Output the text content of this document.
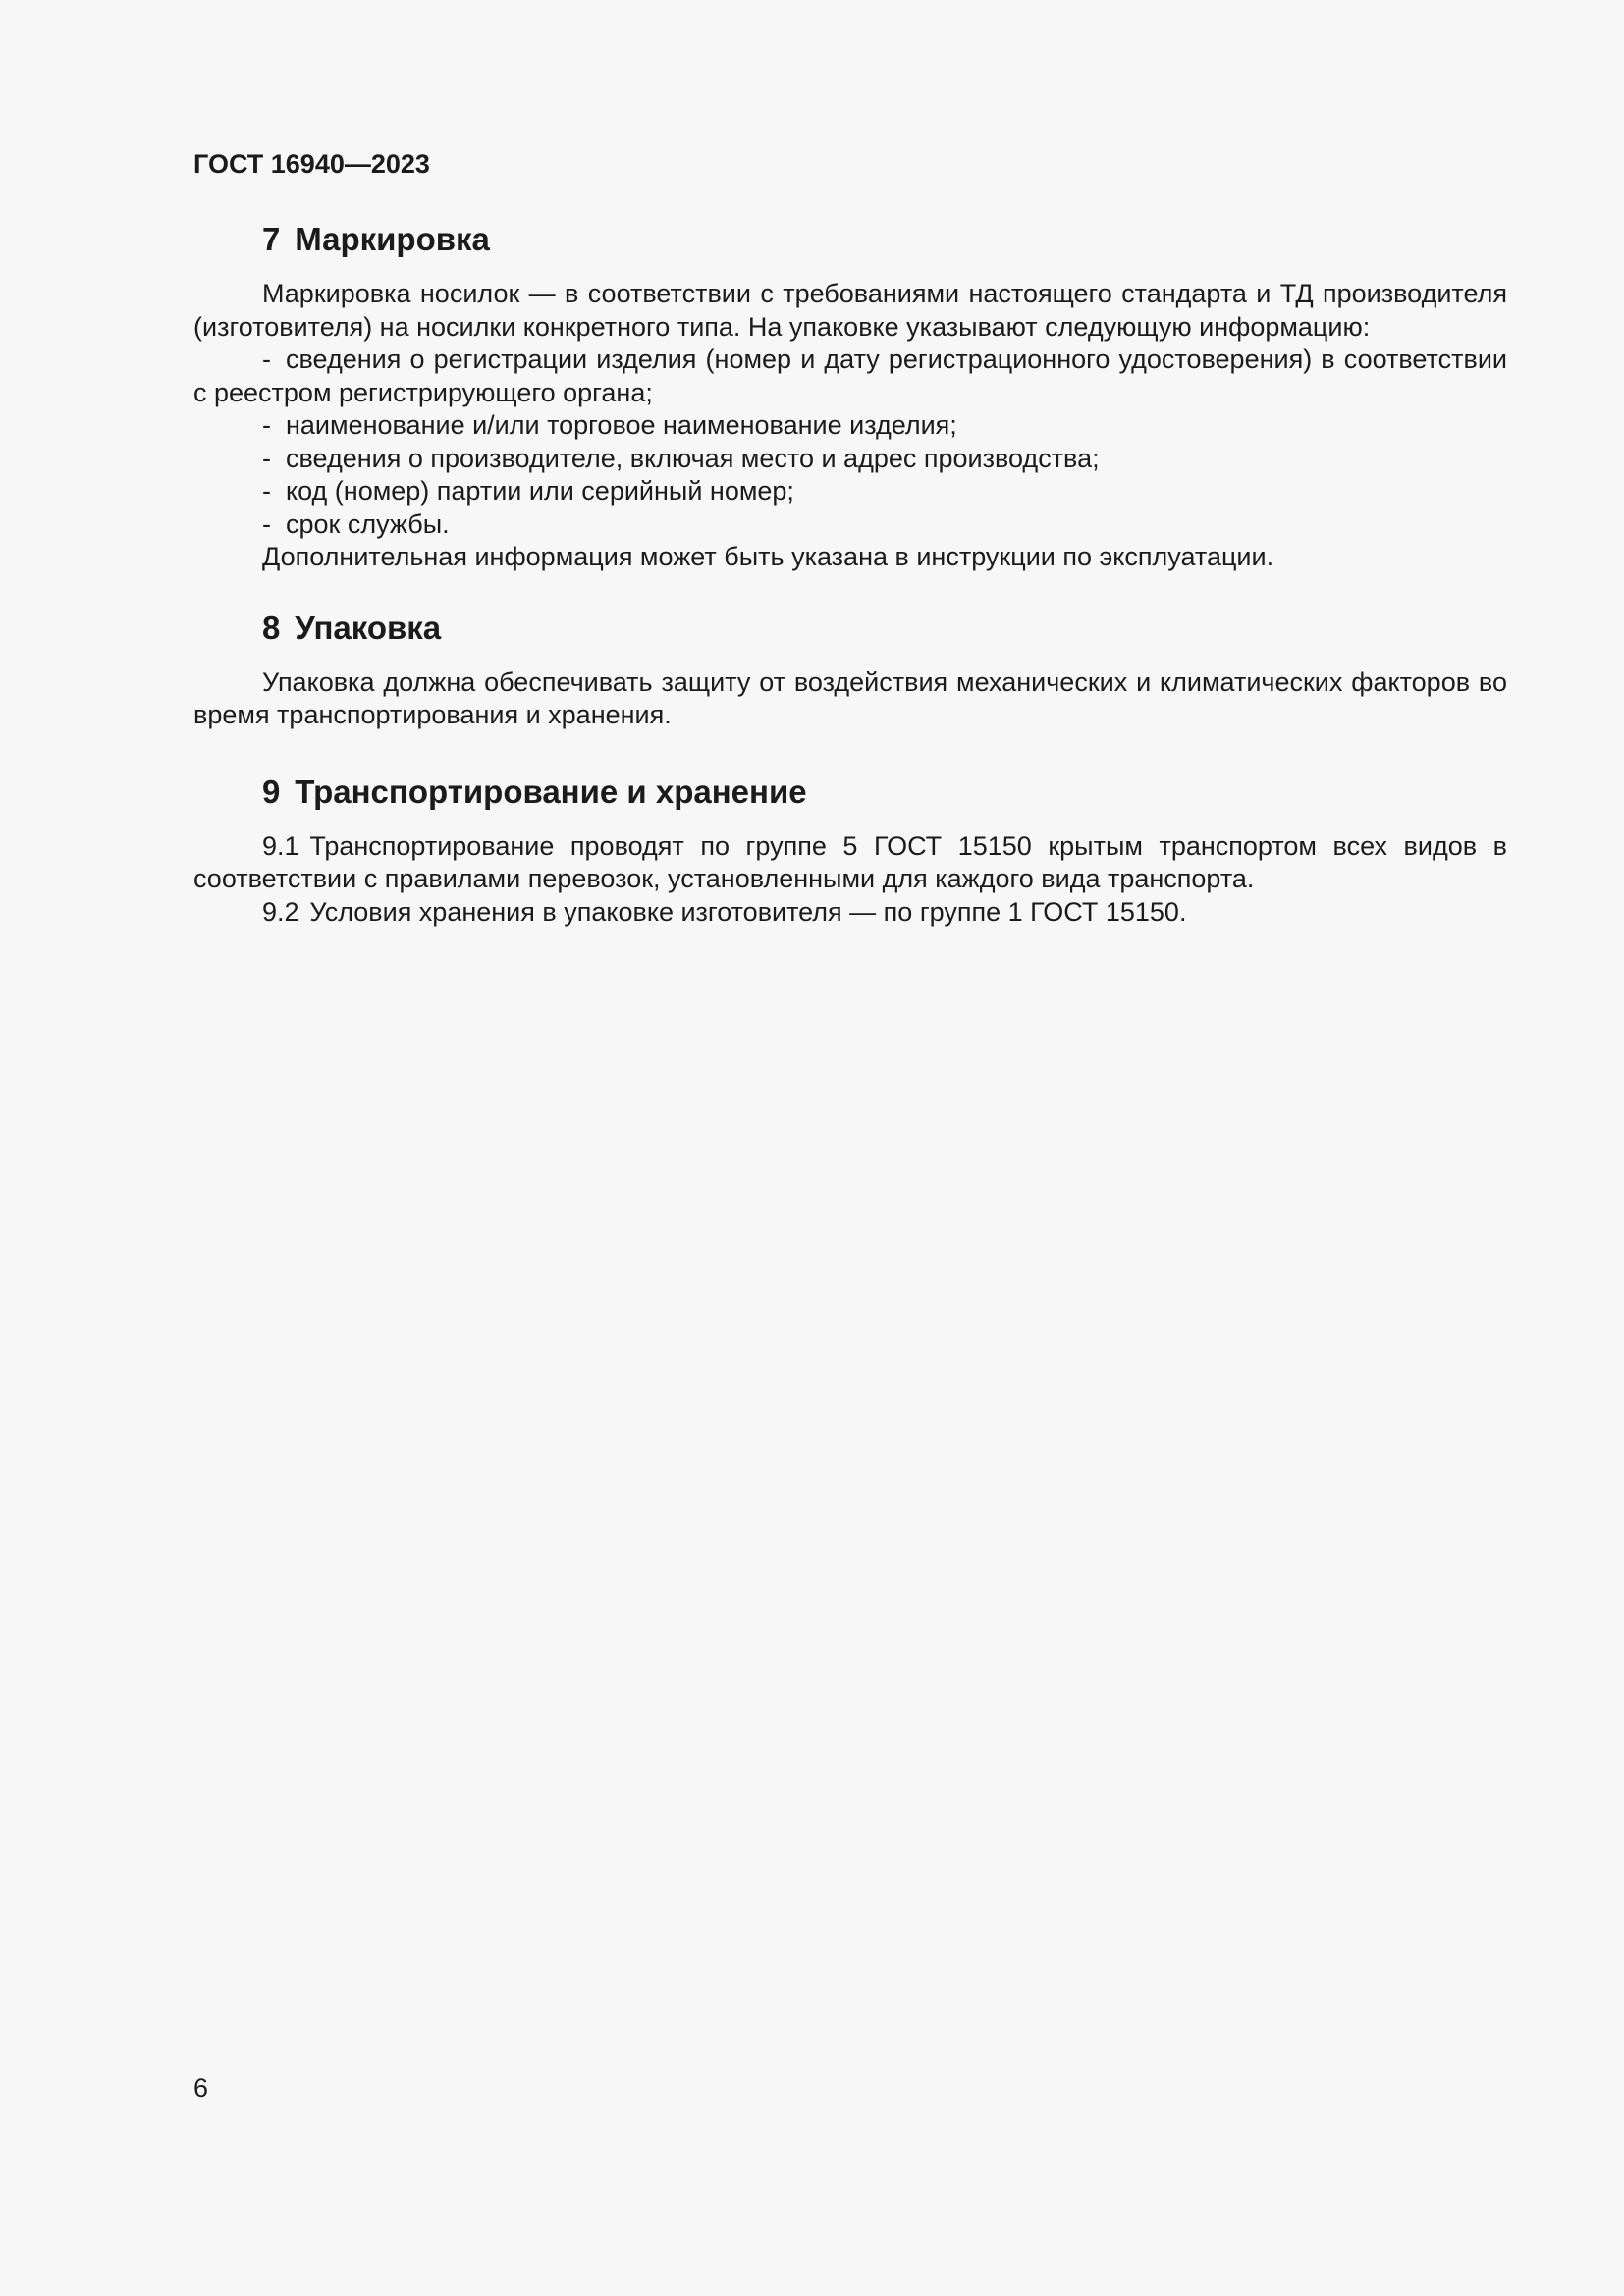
ГОСТ 16940—2023
7 Маркировка

Маркировка носилок — в соответствии с требованиями настоящего стандарта и ТД производителя (изготовителя) на носилки конкретного типа. На упаковке указывают следующую информацию:

- сведения о регистрации изделия (номер и дату регистрационного удостоверения) в соответствии с реестром регистрирующего органа;

- наименование и/или торговое наименование изделия;

- сведения о производителе, включая место и адрес производства;

- код (номер) партии или серийный номер;

- срок службы.

Дополнительная информация может быть указана в инструкции по эксплуатации.

8 Упаковка

Упаковка должна обеспечивать защиту от воздействия механических и климатических факторов во время транспортирования и хранения.

9 Транспортирование и хранение

9.1 Транспортирование проводят по группе 5 ГОСТ 15150 крытым транспортом всех видов в соответствии с правилами перевозок, установленными для каждого вида транспорта.

9.2 Условия хранения в упаковке изготовителя — по группе 1 ГОСТ 15150.

6
